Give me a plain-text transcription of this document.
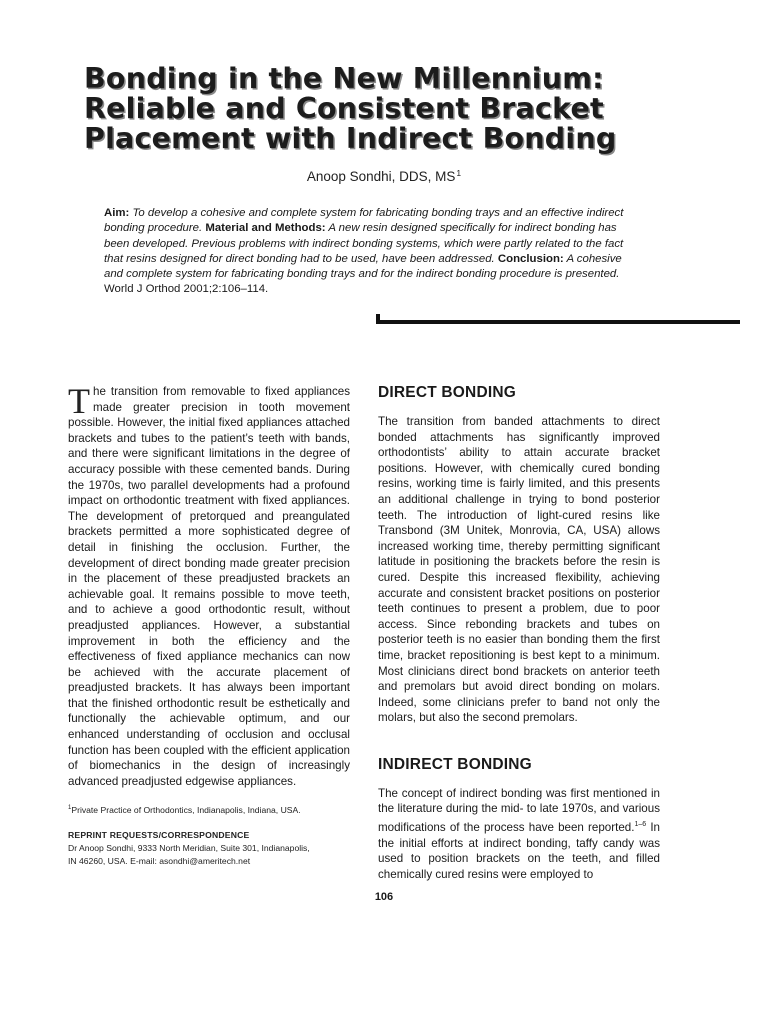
Bonding in the New Millennium:
Reliable and Consistent Bracket
Placement with Indirect Bonding
Anoop Sondhi, DDS, $MS^1$
Aim: To develop a cohesive and complete system for fabricating bonding trays and an effective indirect bonding procedure. Material and Methods: A new resin designed specifically for indirect bonding has been developed. Previous problems with indirect bonding systems, which were partly related to the fact that resins designed for direct bonding had to be used, have been addressed. Conclusion: A cohesive and complete system for fabricating bonding trays and for the indirect bonding procedure is presented. World J Orthod 2001;2:106–114.

The transition from removable to fixed appliances made greater precision in tooth movement possible. However, the initial fixed appliances attached brackets and tubes to the patient’s teeth with bands, and there were significant limitations in the degree of accuracy possible with these cemented bands. During the 1970s, two parallel developments had a profound impact on orthodontic treatment with fixed appliances. The development of pretorqued and preangulated brackets permitted a more sophisticated degree of detail in finishing the occlusion. Further, the development of direct bonding made greater precision in the placement of these preadjusted brackets an achievable goal. It remains possible to move teeth, and to achieve a good orthodontic result, without preadjusted appliances. However, a substantial improvement in both the efficiency and the effectiveness of fixed appliance mechanics can now be achieved with the accurate placement of preadjusted brackets. It has always been important that the finished orthodontic result be esthetically and functionally the achievable optimum, and our enhanced understanding of occlusion and occlusal function has been coupled with the efficient application of biomechanics in the design of increasingly advanced preadjusted edgewise appliances.

DIRECT BONDING

The transition from banded attachments to direct bonded attachments has significantly improved orthodontists’ ability to attain accurate bracket positions. However, with chemically cured bonding resins, working time is fairly limited, and this presents an additional challenge in trying to bond posterior teeth. The introduction of light-cured resins like Transbond (3M Unitek, Monrovia, CA, USA) allows increased working time, thereby permitting significant latitude in positioning the brackets before the resin is cured. Despite this increased flexibility, achieving accurate and consistent bracket positions on posterior teeth continues to present a problem, due to poor access. Since rebonding brackets and tubes on posterior teeth is no easier than bonding them the first time, bracket repositioning is best kept to a minimum. Most clinicians direct bond brackets on anterior teeth and premolars but avoid direct bonding on molars. Indeed, some clinicians prefer to band not only the molars, but also the second premolars.

INDIRECT BONDING

The concept of indirect bonding was first mentioned in the literature during the mid- to late 1970s, and various modifications of the process have been reported.$^{1-6}$ In the initial efforts at indirect bonding, taffy candy was used to position brackets on the teeth, and filled chemically cured resins were employed to

$^1$Private Practice of Orthodontics, Indianapolis, Indiana, USA.
REPRINT REQUESTS/CORRESPONDENCE
Dr Anoop Sondhi, 9333 North Meridian, Suite 301, Indianapolis,
IN 46260, USA. E-mail: asondhi@ameritech.net
106
